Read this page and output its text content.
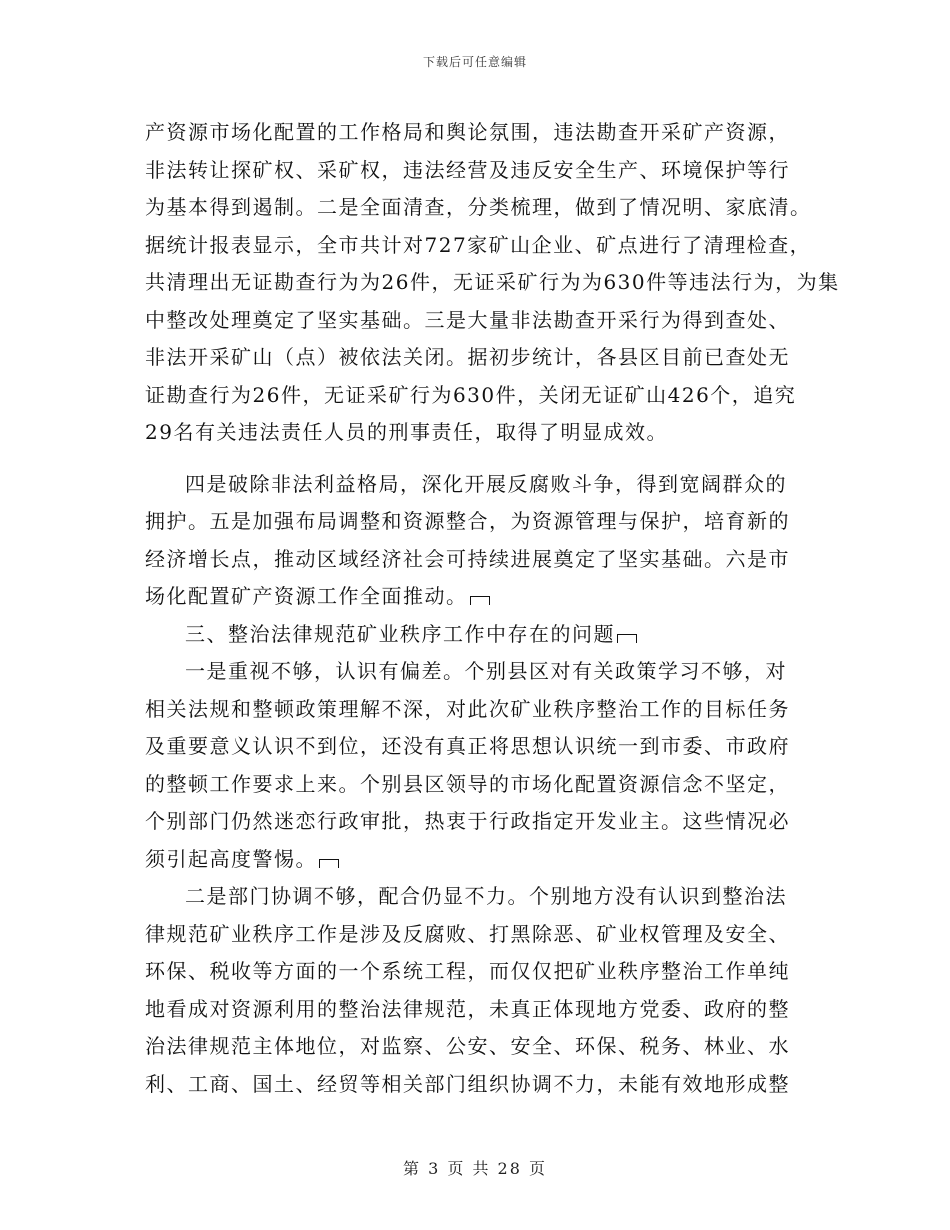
下载后可任意编辑
产资源市场化配置的工作格局和舆论氛围，违法勘查开采矿产资源，
非法转让探矿权、采矿权，违法经营及违反安全生产、环境保护等行
为基本得到遏制。二是全面清查，分类梳理，做到了情况明、家底清。
据统计报表显示，全市共计对727家矿山企业、矿点进行了清理检查，
共清理出无证勘查行为为26件，无证采矿行为为630件等违法行为，为集
中整改处理奠定了坚实基础。三是大量非法勘查开采行为得到查处、
非法开采矿山（点）被依法关闭。据初步统计，各县区目前已查处无
证勘查行为26件，无证采矿行为630件，关闭无证矿山426个，追究
29名有关违法责任人员的刑事责任，取得了明显成效。
四是破除非法利益格局，深化开展反腐败斗争，得到宽阔群众的
拥护。五是加强布局调整和资源整合，为资源管理与保护，培育新的
经济增长点，推动区域经济社会可持续进展奠定了坚实基础。六是市
场化配置矿产资源工作全面推动。
三、整治法律规范矿业秩序工作中存在的问题
一是重视不够，认识有偏差。个别县区对有关政策学习不够，对
相关法规和整顿政策理解不深，对此次矿业秩序整治工作的目标任务
及重要意义认识不到位，还没有真正将思想认识统一到市委、市政府
的整顿工作要求上来。个别县区领导的市场化配置资源信念不坚定，
个别部门仍然迷恋行政审批，热衷于行政指定开发业主。这些情况必
须引起高度警惕。
二是部门协调不够，配合仍显不力。个别地方没有认识到整治法
律规范矿业秩序工作是涉及反腐败、打黑除恶、矿业权管理及安全、
环保、税收等方面的一个系统工程，而仅仅把矿业秩序整治工作单纯
地看成对资源利用的整治法律规范，未真正体现地方党委、政府的整
治法律规范主体地位，对监察、公安、安全、环保、税务、林业、水
利、工商、国土、经贸等相关部门组织协调不力，未能有效地形成整
第 3 页 共 28 页
